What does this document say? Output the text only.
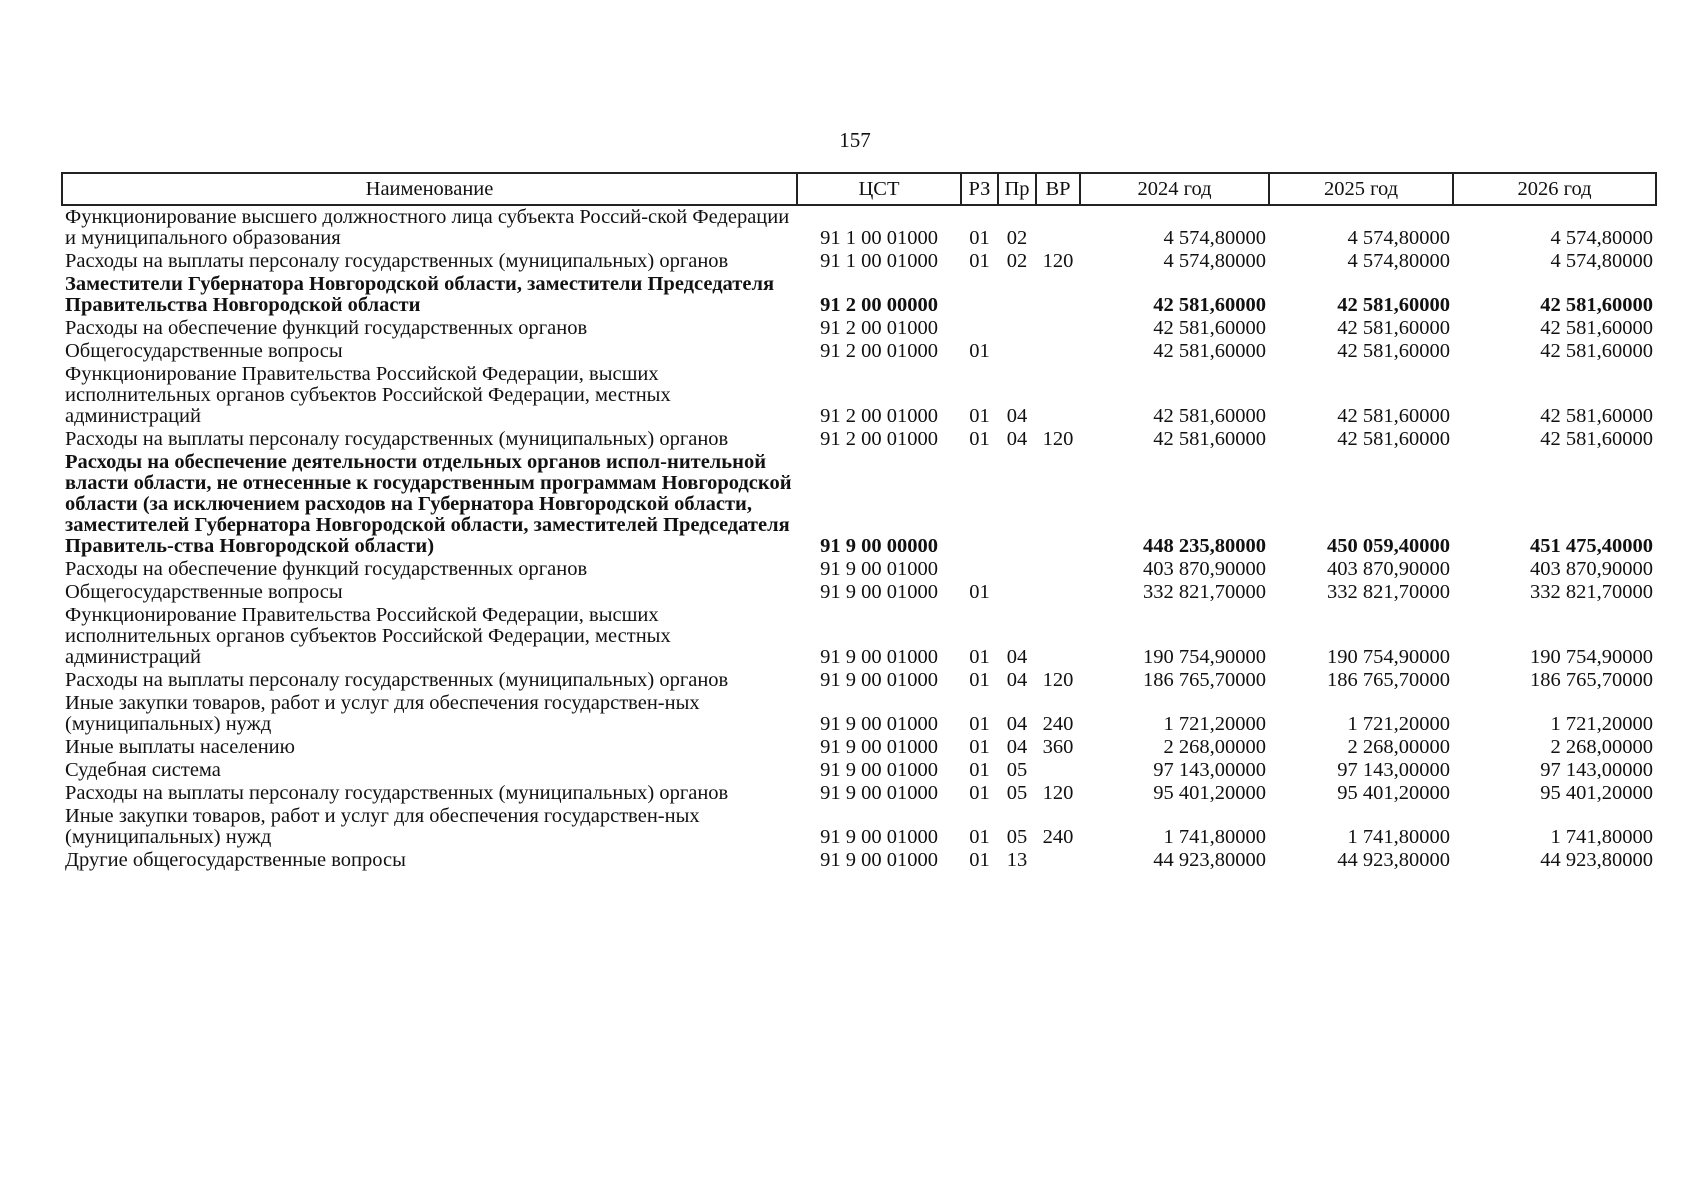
157
Наименование	ЦСТ	РЗ	Пр	ВР	2024 год	2025 год	2026 год
Функционирование высшего должностного лица субъекта Россий-ской Федерации и муниципального образования	91 1 00 01000	01	02		4 574,80000	4 574,80000	4 574,80000
Расходы на выплаты персоналу государственных (муниципальных) органов	91 1 00 01000	01	02	120	4 574,80000	4 574,80000	4 574,80000
Заместители Губернатора Новгородской области, заместители Председателя Правительства Новгородской области	91 2 00 00000				42 581,60000	42 581,60000	42 581,60000
Расходы на обеспечение функций государственных органов	91 2 00 01000				42 581,60000	42 581,60000	42 581,60000
Общегосударственные вопросы	91 2 00 01000	01			42 581,60000	42 581,60000	42 581,60000
Функционирование Правительства Российской Федерации, высших исполнительных органов субъектов Российской Федерации, местных администраций	91 2 00 01000	01	04		42 581,60000	42 581,60000	42 581,60000
Расходы на выплаты персоналу государственных (муниципальных) органов	91 2 00 01000	01	04	120	42 581,60000	42 581,60000	42 581,60000
Расходы на обеспечение деятельности отдельных органов испол-нительной власти области, не отнесенные к государственным программам Новгородской области (за исключением расходов на Губернатора Новгородской области, заместителей Губернатора Новгородской области, заместителей Председателя Правитель-ства Новгородской области)	91 9 00 00000				448 235,80000	450 059,40000	451 475,40000
Расходы на обеспечение функций государственных органов	91 9 00 01000				403 870,90000	403 870,90000	403 870,90000
Общегосударственные вопросы	91 9 00 01000	01			332 821,70000	332 821,70000	332 821,70000
Функционирование Правительства Российской Федерации, высших исполнительных органов субъектов Российской Федерации, местных администраций	91 9 00 01000	01	04		190 754,90000	190 754,90000	190 754,90000
Расходы на выплаты персоналу государственных (муниципальных) органов	91 9 00 01000	01	04	120	186 765,70000	186 765,70000	186 765,70000
Иные закупки товаров, работ и услуг для обеспечения государствен-ных (муниципальных) нужд	91 9 00 01000	01	04	240	1 721,20000	1 721,20000	1 721,20000
Иные выплаты населению	91 9 00 01000	01	04	360	2 268,00000	2 268,00000	2 268,00000
Судебная система	91 9 00 01000	01	05		97 143,00000	97 143,00000	97 143,00000
Расходы на выплаты персоналу государственных (муниципальных) органов	91 9 00 01000	01	05	120	95 401,20000	95 401,20000	95 401,20000
Иные закупки товаров, работ и услуг для обеспечения государствен-ных (муниципальных) нужд	91 9 00 01000	01	05	240	1 741,80000	1 741,80000	1 741,80000
Другие общегосударственные вопросы	91 9 00 01000	01	13		44 923,80000	44 923,80000	44 923,80000
